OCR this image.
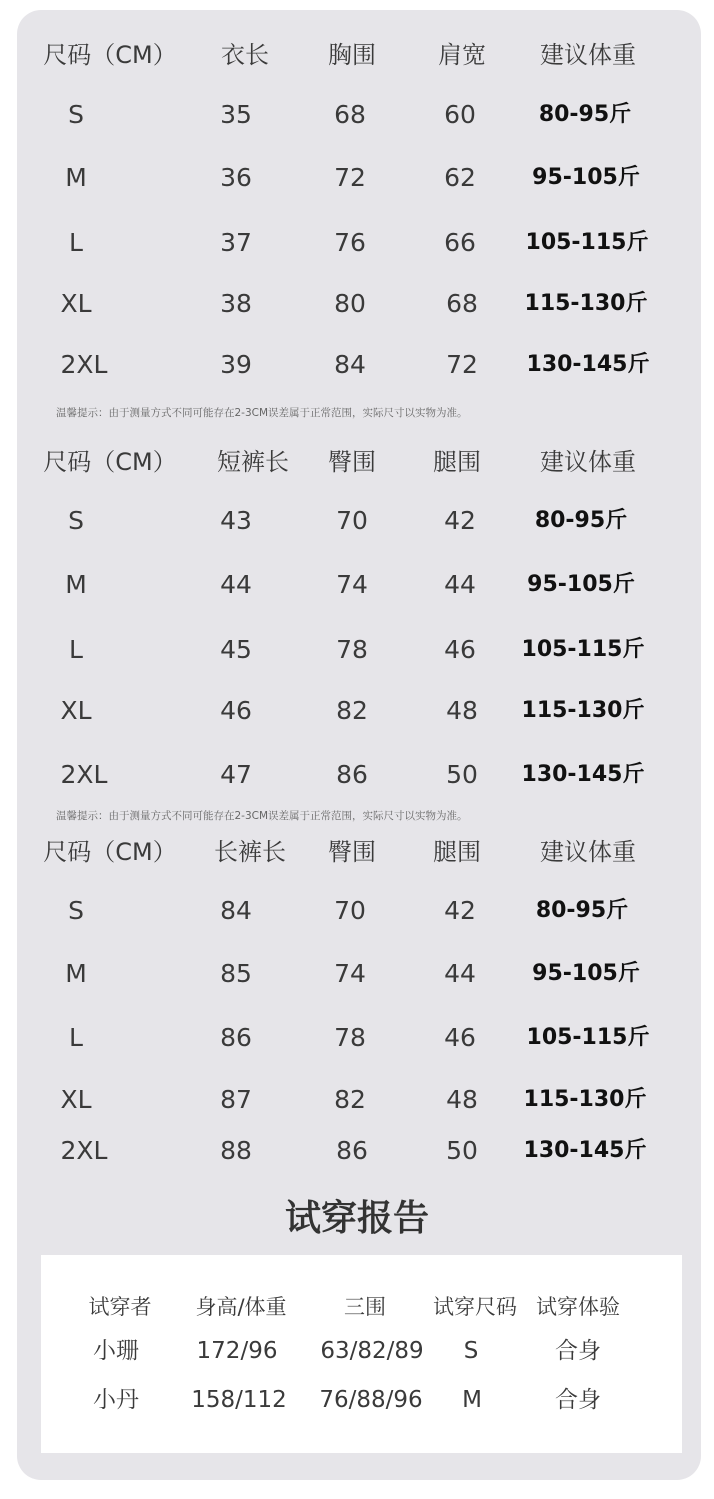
尺码（CM） 衣长 胸围	肩宽 建议体重
S	35	68	60	80-95斤
M	36	72	62	95-105斤
L	37	76	66 105-115斤
XL	38	80	68 115-130斤
2XL	39	84	72 130-145斤
温馨提示：由于测量方式不同可能存在2-3CM误差属于正常范围，实际尺寸以实物为准。
尺码（CM） 短裤长 臀围 腿围 建议体重
S	43	70	42	80-95斤
M	44	74	44 95-105斤
L	45	78	46 105-115斤
XL	46	82	48 115-130斤
2XL	47	86	50 130-145斤
温馨提示：由于测量方式不同可能存在2-3CM误差属于正常范围，实际尺寸以实物为准。
尺码（CM） 长裤长 臀围 腿围 建议体重
S	84	70	42	80-95斤
M	85	74	44	95-105斤
L	86	78	46 105-115斤
XL	87	82	48 115-130斤
2XL	88	86	50 130-145斤
试穿报告
试穿者 身高/体重	三围 试穿尺码 试穿体验
小珊	172/96 63/82/89 S	合身
小丹 158/112 76/88/96 M	合身
